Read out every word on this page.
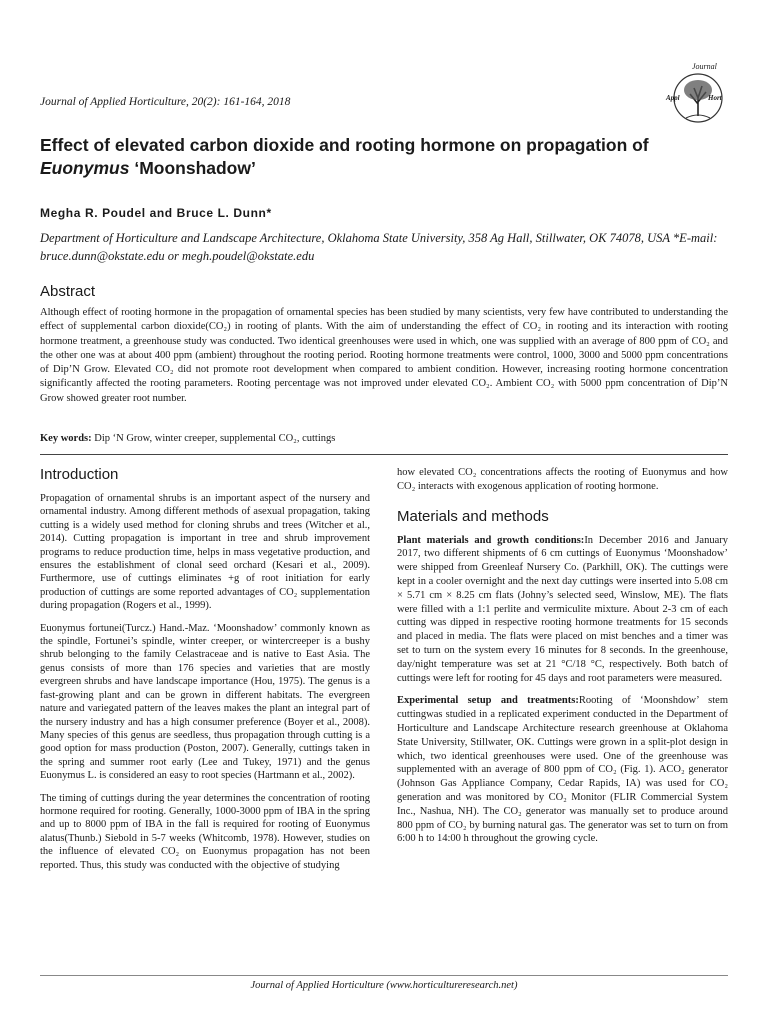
Journal of Applied Horticulture, 20(2): 161-164, 2018
Journal
Appl	Hort
Effect of elevated carbon dioxide and rooting hormone on propagation of Euonymus ‘Moonshadow’
Megha R. Poudel and Bruce L. Dunn*
Department of Horticulture and Landscape Architecture, Oklahoma State University, 358 Ag Hall, Stillwater, OK 74078, USA *E-mail: bruce.dunn@okstate.edu or megh.poudel@okstate.edu
Abstract
Although effect of rooting hormone in the propagation of ornamental species has been studied by many scientists, very few have contributed to understanding the effect of supplemental carbon dioxide(CO₂) in rooting of plants. With the aim of understanding the effect of CO₂ in rooting and its interaction with rooting hormone treatment, a greenhouse study was conducted. Two identical greenhouses were used in which, one was supplied with an average of 800 ppm of CO₂ and the other one was at about 400 ppm (ambient) throughout the rooting period. Rooting hormone treatments were control, 1000, 3000 and 5000 ppm concentrations of Dip’N Grow. Elevated CO₂ did not promote root development when compared to ambient condition. However, increasing rooting hormone concentration significantly affected the rooting parameters. Rooting percentage was not improved under elevated CO₂. Ambient CO₂ with 5000 ppm concentration of Dip’N Grow showed greater root number.
Key words: Dip ‘N Grow, winter creeper, supplemental CO₂, cuttings
Introduction

Propagation of ornamental shrubs is an important aspect of the nursery and ornamental industry. Among different methods of asexual propagation, taking cutting is a widely used method for cloning shrubs and trees (Witcher et al., 2014). Cutting propagation is important in tree and shrub improvement programs to reduce production time, helps in mass vegetative production, and ensures the establishment of clonal seed orchard (Kesari et al., 2009). Furthermore, use of cuttings eliminates +g of root initiation for early production of cuttings are some reported advantages of CO₂ supplementation during propagation (Rogers et al., 1999).

Euonymus fortunei(Turcz.) Hand.-Maz. ‘Moonshadow’ commonly known as the spindle, Fortunei’s spindle, winter creeper, or wintercreeper is a bushy shrub belonging to the family Celastraceae and is native to East Asia. The genus consists of more than 176 species and varieties that are mostly evergreen shrubs and have landscape importance (Hou, 1975). The genus is a fast-growing plant and can be grown in different habitats. The evergreen nature and variegated pattern of the leaves makes the plant an integral part of the nursery industry and has a high consumer preference (Boyer et al., 2008). Many species of this genus are seedless, thus propagation through cutting is a good option for mass production (Poston, 2007). Generally, cuttings taken in the spring and summer root early (Lee and Tukey, 1971) and the genus Euonymus L. is considered an easy to root species (Hartmann et al., 2002).

The timing of cuttings during the year determines the concentration of rooting hormone required for rooting. Generally, 1000-3000 ppm of IBA in the spring and up to 8000 ppm of IBA in the fall is required for rooting of Euonymus alatus(Thunb.) Siebold in 5-7 weeks (Whitcomb, 1978). However, studies on the influence of elevated CO₂ on Euonymus propagation has not been reported. Thus, this study was conducted with the objective of studying

how elevated CO₂ concentrations affects the rooting of Euonymus and how CO₂ interacts with exogenous application of rooting hormone.

Materials and methods

Plant materials and growth conditions:In December 2016 and January 2017, two different shipments of 6 cm cuttings of Euonymus ‘Moonshadow’ were shipped from Greenleaf Nursery Co. (Parkhill, OK). The cuttings were kept in a cooler overnight and the next day cuttings were inserted into 5.08 cm × 5.71 cm × 8.25 cm flats (Johny’s selected seed, Winslow, ME). The flats were filled with a 1:1 perlite and vermiculite mixture. About 2-3 cm of each cutting was dipped in respective rooting hormone treatments for 15 seconds and placed in media. The flats were placed on mist benches and a timer was set to turn on the system every 16 minutes for 8 seconds. In the greenhouse, day/night temperature was set at 21 °C/18 °C, respectively. Both batch of cuttings were left for rooting for 45 days and root parameters were measured.

Experimental setup and treatments:Rooting of ‘Moonshdow’ stem cuttingwas studied in a replicated experiment conducted in the Department of Horticulture and Landscape Architecture research greenhouse at Oklahoma State University, Stillwater, OK. Cuttings were grown in a split-plot design in which, two identical greenhouses were used. One of the greenhouse was supplemented with an average of 800 ppm of CO₂ (Fig. 1). ACO₂ generator (Johnson Gas Appliance Company, Cedar Rapids, IA) was used for CO₂ generation and was monitored by CO₂ Monitor (FLIR Commercial System Inc., Nashua, NH). The CO₂ generator was manually set to produce around 800 ppm of CO₂ by burning natural gas. The generator was set to turn on from 6:00 h to 14:00 h throughout the growing cycle.

Journal of Applied Horticulture (www.horticultureresearch.net)
